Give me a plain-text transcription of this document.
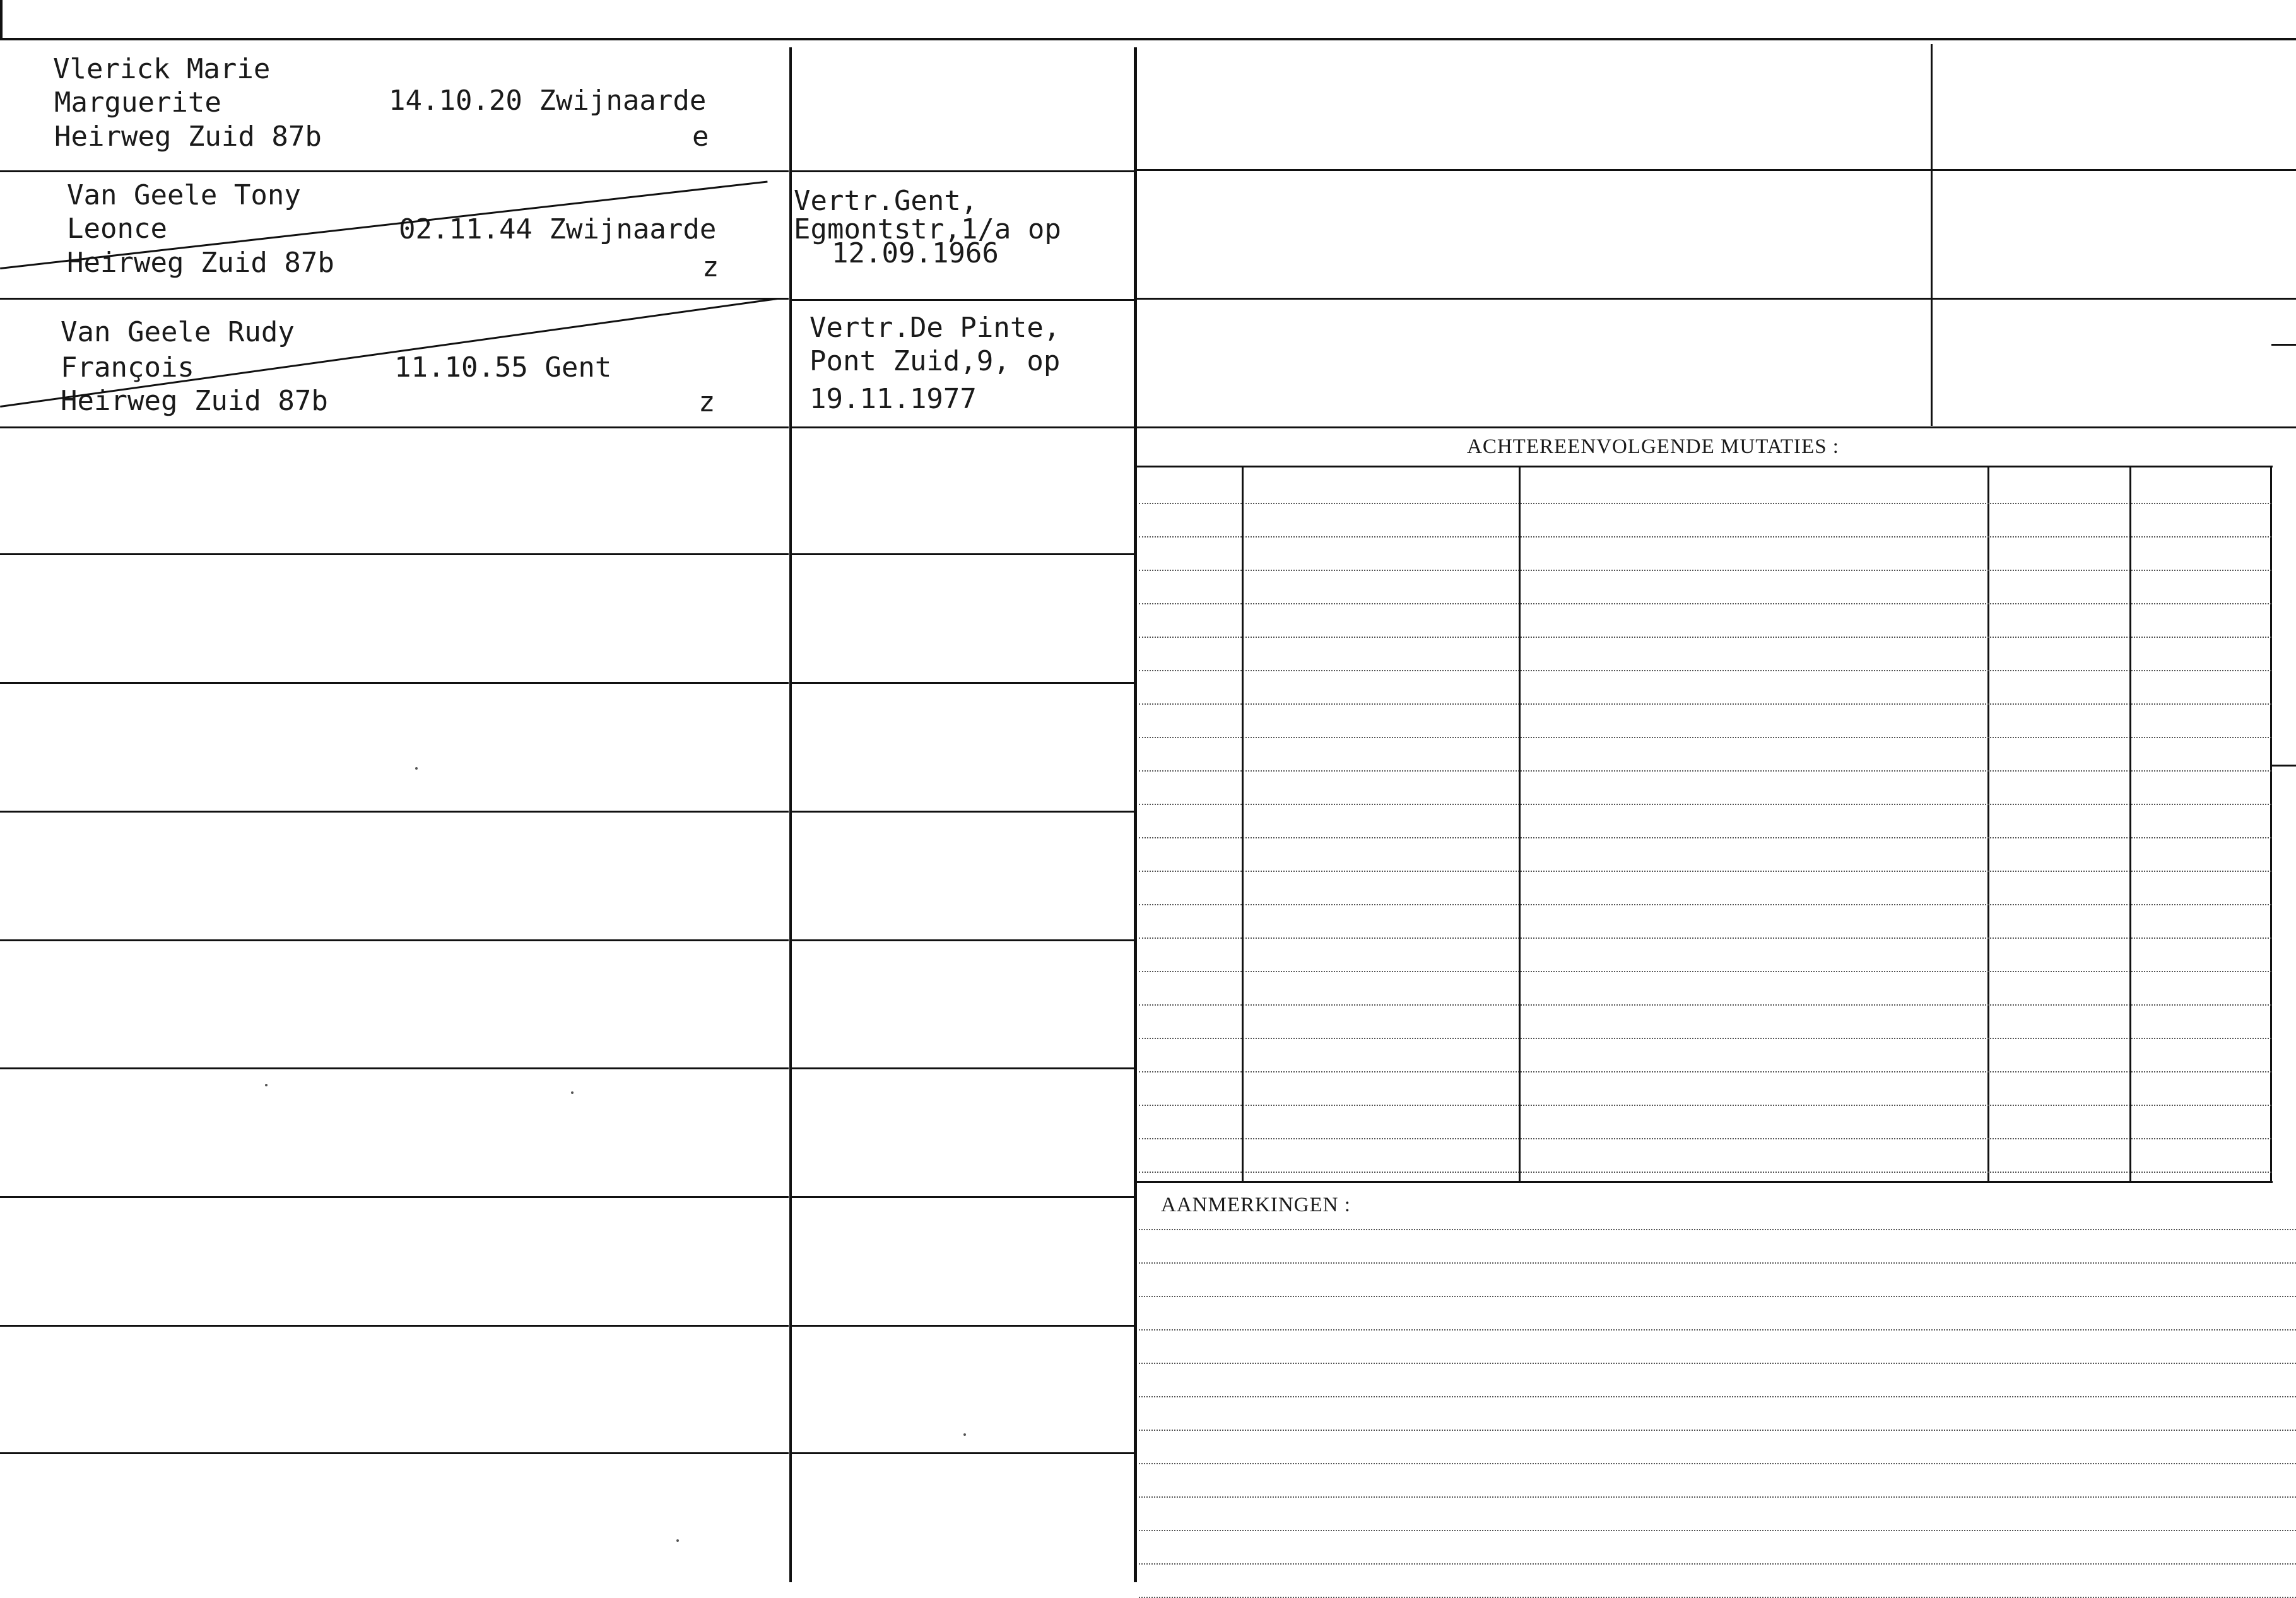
ACHTEREENVOLGENDE MUTATIES :
AANMERKINGEN :
Vlerick Marie
Marguerite
Heirweg Zuid 87b
14.10.20 Zwijnaarde
e
Van Geele Tony
Leonce
Heirweg Zuid 87b
02.11.44 Zwijnaarde
z
Vertr.Gent,
Egmontstr,1/a op
12.09.1966
Van Geele Rudy
François
Heirweg Zuid 87b
11.10.55 Gent
z
Vertr.De Pinte,
Pont Zuid,9, op
19.11.1977
